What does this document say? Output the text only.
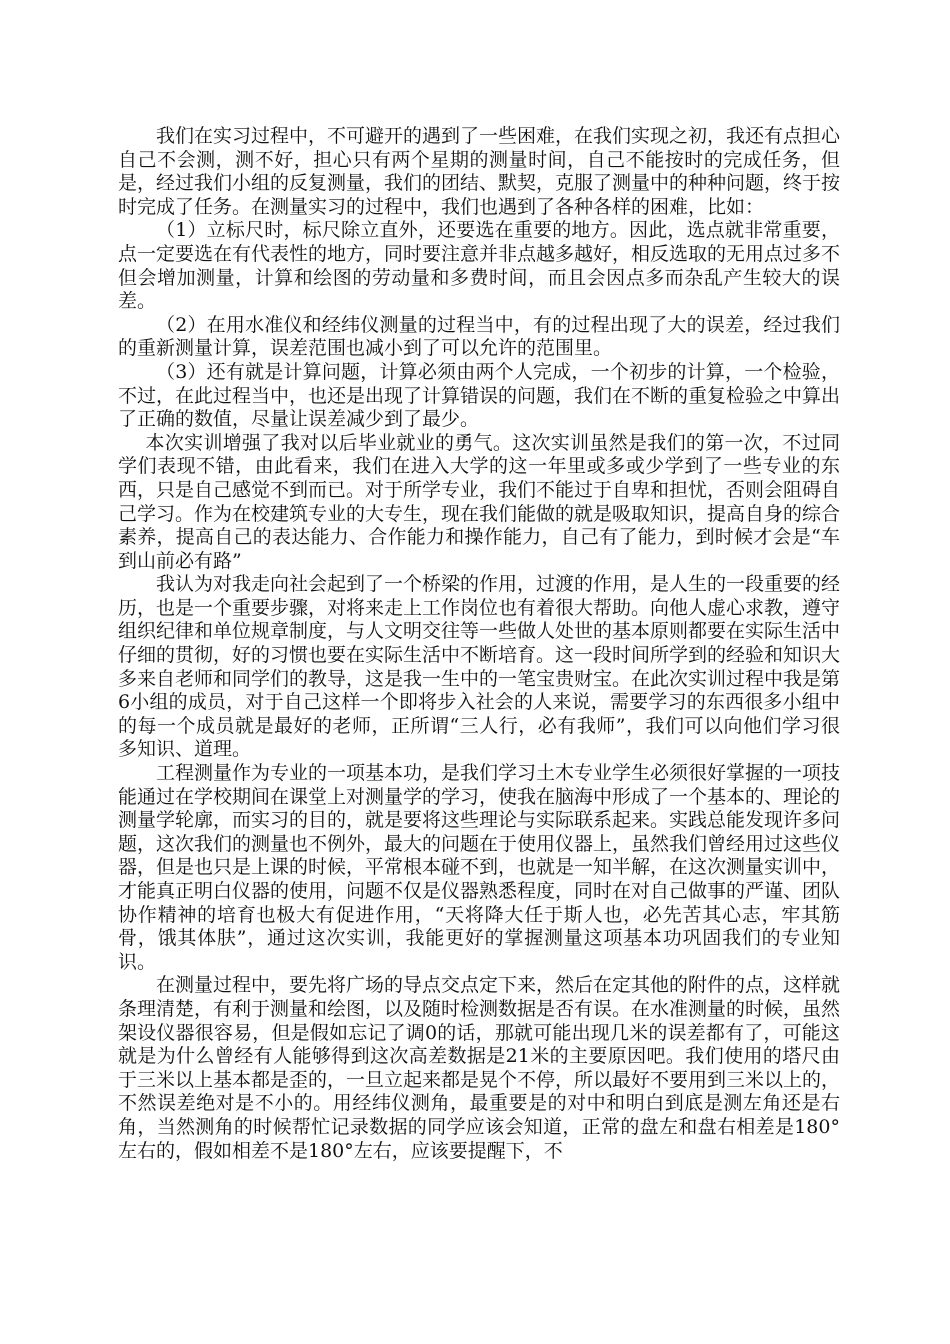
我们在实习过程中，不可避开的遇到了一些困难，在我们实现之初，我还有点担心自己不会测，测不好，担心只有两个星期的测量时间，自己不能按时的完成任务，但是，经过我们小组的反复测量，我们的团结、默契，克服了测量中的种种问题，终于按时完成了任务。在测量实习的过程中，我们也遇到了各种各样的困难，比如：

（1）立标尺时，标尺除立直外，还要选在重要的地方。因此，选点就非常重要，点一定要选在有代表性的地方，同时要注意并非点越多越好，相反选取的无用点过多不但会增加测量，计算和绘图的劳动量和多费时间，而且会因点多而杂乱产生较大的误差。

（2）在用水准仪和经纬仪测量的过程当中，有的过程出现了大的误差，经过我们的重新测量计算，误差范围也减小到了可以允许的范围里。

（3）还有就是计算问题，计算必须由两个人完成，一个初步的计算，一个检验，不过，在此过程当中，也还是出现了计算错误的问题，我们在不断的重复检验之中算出了正确的数值，尽量让误差减少到了最少。

本次实训增强了我对以后毕业就业的勇气。这次实训虽然是我们的第一次，不过同学们表现不错，由此看来，我们在进入大学的这一年里或多或少学到了一些专业的东西，只是自己感觉不到而已。对于所学专业，我们不能过于自卑和担忧，否则会阻碍自己学习。作为在校建筑专业的大专生，现在我们能做的就是吸取知识，提高自身的综合素养，提高自己的表达能力、合作能力和操作能力，自己有了能力，到时候才会是“车到山前必有路”

我认为对我走向社会起到了一个桥梁的作用，过渡的作用，是人生的一段重要的经历，也是一个重要步骤，对将来走上工作岗位也有着很大帮助。向他人虚心求教，遵守组织纪律和单位规章制度，与人文明交往等一些做人处世的基本原则都要在实际生活中仔细的贯彻，好的习惯也要在实际生活中不断培育。这一段时间所学到的经验和知识大多来自老师和同学们的教导，这是我一生中的一笔宝贵财宝。在此次实训过程中我是第6小组的成员，对于自己这样一个即将步入社会的人来说，需要学习的东西很多小组中的每一个成员就是最好的老师，正所谓“三人行，必有我师”，我们可以向他们学习很多知识、道理。

工程测量作为专业的一项基本功，是我们学习土木专业学生必须很好掌握的一项技能通过在学校期间在课堂上对测量学的学习，使我在脑海中形成了一个基本的、理论的测量学轮廓，而实习的目的，就是要将这些理论与实际联系起来。实践总能发现许多问题，这次我们的测量也不例外，最大的问题在于使用仪器上，虽然我们曾经用过这些仪器，但是也只是上课的时候，平常根本碰不到，也就是一知半解，在这次测量实训中，才能真正明白仪器的使用，问题不仅是仪器熟悉程度，同时在对自己做事的严谨、团队协作精神的培育也极大有促进作用，“天将降大任于斯人也，必先苦其心志，牢其筋骨，饿其体肤”，通过这次实训，我能更好的掌握测量这项基本功巩固我们的专业知识。

在测量过程中，要先将广场的导点交点定下来，然后在定其他的附件的点，这样就条理清楚，有利于测量和绘图，以及随时检测数据是否有误。在水准测量的时候，虽然架设仪器很容易，但是假如忘记了调0的话，那就可能出现几米的误差都有了，可能这就是为什么曾经有人能够得到这次高差数据是21米的主要原因吧。我们使用的塔尺由于三米以上基本都是歪的，一旦立起来都是晃个不停，所以最好不要用到三米以上的，不然误差绝对是不小的。用经纬仪测角，最重要是的对中和明白到底是测左角还是右角，当然测角的时候帮忙记录数据的同学应该会知道，正常的盘左和盘右相差是180°左右的，假如相差不是180°左右，应该要提醒下，不
